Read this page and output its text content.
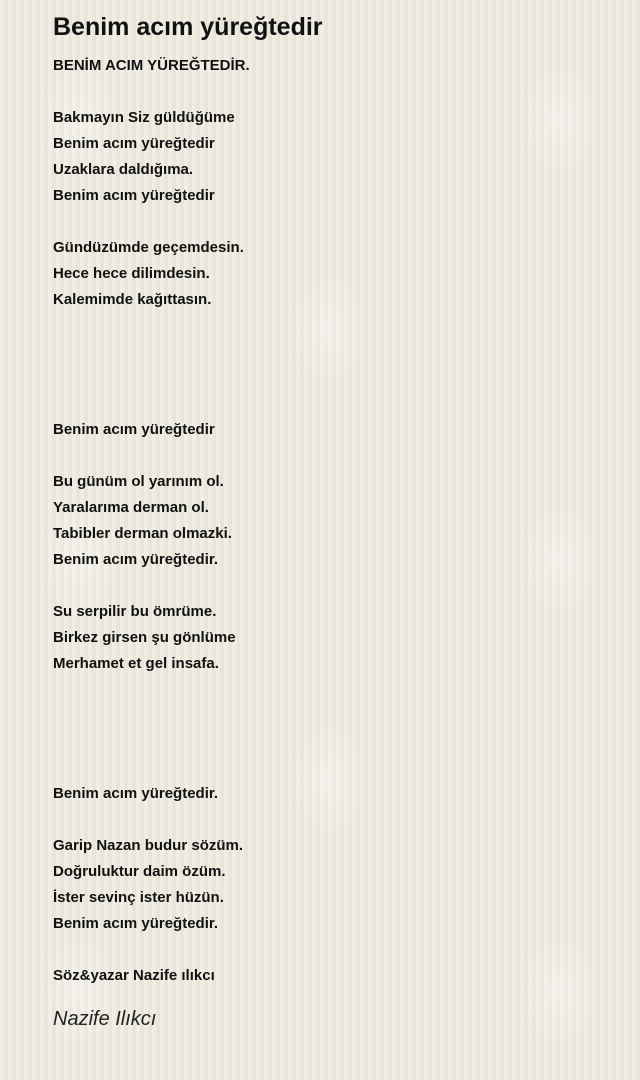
Benim acım yüreğtedir
BENİM ACIM YÜREĞTEDİR.
Bakmayın Siz güldüğüme
Benim acım yüreğtedir
Uzaklara daldığıma.
Benim acım yüreğtedir
Gündüzümde geçemdesin.
Hece hece dilimdesin.
Kalemimde kağıttasın.
Benim acım yüreğtedir
Bu günüm ol yarınım ol.
Yaralarıma derman ol.
Tabibler derman olmazki.
Benim acım yüreğtedir.
Su serpilir bu ömrüme.
Birkez girsen şu gönlüme
Merhamet et gel insafa.
Benim acım yüreğtedir.
Garip Nazan budur sözüm.
Doğruluktur daim özüm.
İster sevinç ister hüzün.
Benim acım yüreğtedir.
Söz&yazar Nazife ılıkcı
Nazife Ilıkcı
